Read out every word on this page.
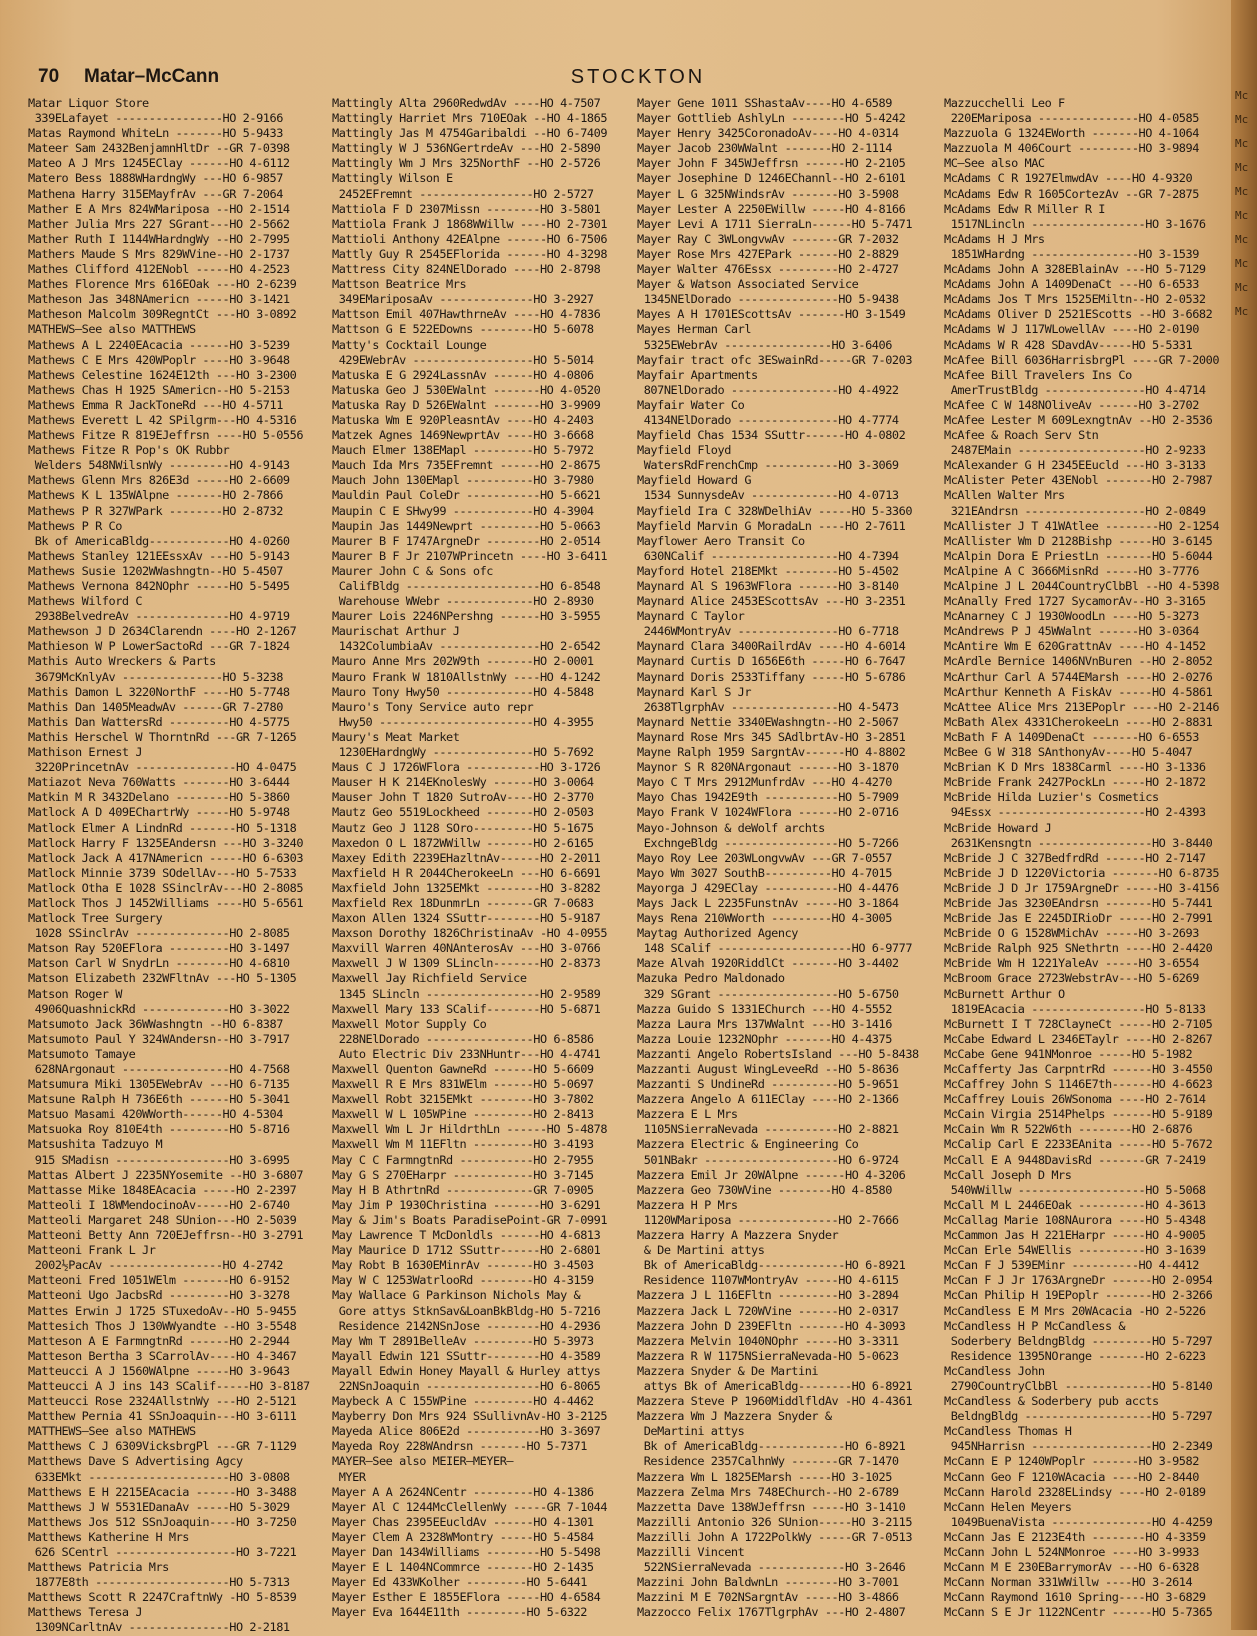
70 Matar–McCann	STOCKTON
Matar Liquor Store
339ELafayet ----------------HO 2-9166
Matas Raymond WhiteLn -------HO 5-9433
Mateer Sam 2432BenjamnHltDr --GR 7-0398
Mateo A J Mrs 1245EClay ------HO 4-6112
Matero Bess 1888WHardngWy ---HO 6-9857
Mathena Harry 315EMayfrAv ---GR 7-2064
Mather E A Mrs 824WMariposa --HO 2-1514
Mather Julia Mrs 227 SGrant---HO 2-5662
Mather Ruth I 1144WHardngWy --HO 2-7995
Mathers Maude S Mrs 829WVine--HO 2-1737
Mathes Clifford 412ENobl -----HO 4-2523
Mathes Florence Mrs 616EOak ---HO 2-6239
Matheson Jas 348NAmericn -----HO 3-1421
Matheson Malcolm 309RegntCt ---HO 3-0892
MATHEWS—See also MATTHEWS
Mathews A L 2240EAcacia ------HO 3-5239
Mathews C E Mrs 420WPoplr ----HO 3-9648
Mathews Celestine 1624E12th ---HO 3-2300
Mathews Chas H 1925 SAmericn--HO 5-2153
Mathews Emma R JackToneRd ---HO 4-5711
Mathews Everett L 42 SPilgrm---HO 4-5316
Mathews Fitze R 819EJeffrsn ----HO 5-0556
Mathews Fitze R Pop's OK Rubbr
Welders 548NWilsnWy ---------HO 4-9143
Mathews Glenn Mrs 826E3d -----HO 2-6609
Mathews K L 135WAlpne -------HO 2-7866
Mathews P R 327WPark --------HO 2-8732
Mathews P R Co
Bk of AmericaBldg------------HO 4-0260
Mathews Stanley 121EEssxAv ---HO 5-9143
Mathews Susie 1202WWashngtn--HO 5-4507
Mathews Vernona 842NOphr -----HO 5-5495
Mathews Wilford C
2938BelvedreAv --------------HO 4-9719
Mathewson J D 2634Clarendn ----HO 2-1267
Mathieson W P LowerSactoRd ---GR 7-1824
Mathis Auto Wreckers & Parts
3679McKnlyAv ---------------HO 5-3238
Mathis Damon L 3220NorthF ----HO 5-7748
Mathis Dan 1405MeadwAv ------GR 7-2780
Mathis Dan WattersRd ---------HO 4-5775
Mathis Herschel W ThorntnRd ---GR 7-1265
Mathison Ernest J
3220PrincetnAv ---------------HO 4-0475
Matiazot Neva 760Watts -------HO 3-6444
Matkin M R 3432Delano --------HO 5-3860
Matlock A D 409EChartrWy -----HO 5-9748
Matlock Elmer A LindnRd -------HO 5-1318
Matlock Harry F 1325EAndersn ---HO 3-3240
Matlock Jack A 417NAmericn -----HO 6-6303
Matlock Minnie 3739 SOdellAv---HO 5-7533
Matlock Otha E 1028 SSinclrAv---HO 2-8085
Matlock Thos J 1452Williams ----HO 5-6561
Matlock Tree Surgery
1028 SSinclrAv --------------HO 2-8085
Matson Ray 520EFlora ---------HO 3-1497
Matson Carl W SnydrLn --------HO 4-6810
Matson Elizabeth 232WFltnAv ---HO 5-1305
Matson Roger W
4906QuashnickRd -------------HO 3-3022
Matsumoto Jack 36WWashngtn --HO 6-8387
Matsumoto Paul Y 324WAndersn--HO 3-7917
Matsumoto Tamaye
628NArgonaut ----------------HO 4-7568
Matsumura Miki 1305EWebrAv ---HO 6-7135
Matsune Ralph H 736E6th ------HO 5-3041
Matsuo Masami 420WWorth------HO 4-5304
Matsuoka Roy 810E4th ---------HO 5-8716
Matsushita Tadzuyo M
915 SMadisn -----------------HO 3-6995
Mattas Albert J 2235NYosemite --HO 3-6807
Mattasse Mike 1848EAcacia -----HO 2-2397
Matteoli I 18WMendocinoAv-----HO 2-6740
Matteoli Margaret 248 SUnion---HO 2-5039
Matteoni Betty Ann 720EJeffrsn--HO 3-2791
Matteoni Frank L Jr
2002½PacAv -----------------HO 4-2742
Matteoni Fred 1051WElm -------HO 6-9152
Matteoni Ugo JacbsRd ---------HO 3-3278
Mattes Erwin J 1725 STuxedoAv--HO 5-9455
Mattesich Thos J 130WWyandte --HO 3-5548
Matteson A E FarmngtnRd ------HO 2-2944
Matteson Bertha 3 SCarrolAv----HO 4-3467
Matteucci A J 1560WAlpne -----HO 3-9643
Matteucci A J ins 143 SCalif-----HO 3-8187
Matteucci Rose 2324AllstnWy ---HO 2-5121
Matthew Pernia 41 SSnJoaquin---HO 3-6111
MATTHEWS—See also MATHEWS
Matthews C J 6309VicksbrgPl ---GR 7-1129
Matthews Dave S Advertising Agcy
633EMkt ---------------------HO 3-0808
Matthews E H 2215EAcacia ------HO 3-3488
Matthews J W 5531EDanaAv -----HO 5-3029
Matthews Jos 512 SSnJoaquin----HO 3-7250
Matthews Katherine H Mrs
626 SCentrl ------------------HO 3-7221
Matthews Patricia Mrs
1877E8th --------------------HO 5-7313
Matthews Scott R 2247CraftnWy -HO 5-8539
Matthews Teresa J
1309NCarltnAv ---------------HO 2-2181
Mattingly Alta 2960RedwdAv ----HO 4-7507
Mattingly Harriet Mrs 710EOak --HO 4-1865
Mattingly Jas M 4754Garibaldi --HO 6-7409
Mattingly W J 536NGertrdeAv ---HO 2-5890
Mattingly Wm J Mrs 325NorthF --HO 2-5726
Mattingly Wilson E
2452EFremnt -----------------HO 2-5727
Mattiola F D 2307Missn --------HO 3-5801
Mattiola Frank J 1868WWillw ----HO 2-7301
Mattioli Anthony 42EAlpne ------HO 6-7506
Mattly Guy R 2545EFlorida ------HO 4-3298
Mattress City 824NElDorado ----HO 2-8798
Mattson Beatrice Mrs
349EMariposaAv --------------HO 3-2927
Mattson Emil 407HawthrneAv ----HO 4-7836
Mattson G E 522EDowns --------HO 5-6078
Matty's Cocktail Lounge
429EWebrAv ------------------HO 5-5014
Matuska E G 2924LassnAv ------HO 4-0806
Matuska Geo J 530EWalnt -------HO 4-0520
Matuska Ray D 526EWalnt -------HO 3-9909
Matuska Wm E 920PleasntAv ----HO 4-2403
Matzek Agnes 1469NewprtAv ----HO 3-6668
Mauch Elmer 138EMapl ---------HO 5-7972
Mauch Ida Mrs 735EFremnt ------HO 2-8675
Mauch John 130EMapl ----------HO 3-7980
Mauldin Paul ColeDr -----------HO 5-6621
Maupin C E SHwy99 ------------HO 4-3904
Maupin Jas 1449Newprt ---------HO 5-0663
Maurer B F 1747ArgneDr --------HO 2-0514
Maurer B F Jr 2107WPrincetn ----HO 3-6411
Maurer John C & Sons ofc
CalifBldg --------------------HO 6-8548
Warehouse WWebr -------------HO 2-8930
Maurer Lois 2246NPershng ------HO 3-5955
Maurischat Arthur J
1432ColumbiaAv ---------------HO 2-6542
Mauro Anne Mrs 202W9th -------HO 2-0001
Mauro Frank W 1810AllstnWy ----HO 4-1242
Mauro Tony Hwy50 -------------HO 4-5848
Mauro's Tony Service auto repr
Hwy50 -----------------------HO 4-3955
Maury's Meat Market
1230EHardngWy ---------------HO 5-7692
Maus C J 1726WFlora -----------HO 3-1726
Mauser H K 214EKnolesWy ------HO 3-0064
Mauser John T 1820 SutroAv----HO 2-3770
Mautz Geo 5519Lockheed -------HO 2-0503
Mautz Geo J 1128 SOro---------HO 5-1675
Maxedon O L 1872WWillw -------HO 2-6165
Maxey Edith 2239EHazltnAv------HO 2-2011
Maxfield H R 2044CherokeeLn ---HO 6-6691
Maxfield John 1325EMkt --------HO 3-8282
Maxfield Rex 18DunmrLn -------GR 7-0683
Maxon Allen 1324 SSuttr--------HO 5-9187
Maxson Dorothy 1826ChristinaAv -HO 4-0955
Maxvill Warren 40NAnterosAv ---HO 3-0766
Maxwell J W 1309 SLincln-------HO 2-8373
Maxwell Jay Richfield Service
1345 SLincln -----------------HO 2-9589
Maxwell Mary 133 SCalif--------HO 5-6871
Maxwell Motor Supply Co
228NElDorado ----------------HO 6-8586
Auto Electric Div 233NHuntr---HO 4-4741
Maxwell Quenton GawneRd ------HO 5-6609
Maxwell R E Mrs 831WElm ------HO 5-0697
Maxwell Robt 3215EMkt --------HO 3-7802
Maxwell W L 105WPine ---------HO 2-8413
Maxwell Wm L Jr HildrthLn ------HO 5-4878
Maxwell Wm M 11EFltn ---------HO 3-4193
May C C FarmngtnRd -----------HO 2-7955
May G S 270EHarpr ------------HO 3-7145
May H B AthrtnRd -------------GR 7-0905
May Jim P 1930Christina -------HO 3-6291
May & Jim's Boats ParadisePoint-GR 7-0991
May Lawrence T McDonldls ------HO 4-6813
May Maurice D 1712 SSuttr------HO 2-6801
May Robt B 1630EMinrAv -------HO 3-4503
May W C 1253WatrlooRd --------HO 4-3159
May Wallace G Parkinson Nichols May &
Gore attys StknSav&LoanBkBldg-HO 5-7216
Residence 2142NSnJose --------HO 4-2936
May Wm T 2891BelleAv ---------HO 5-3973
Mayall Edwin 121 SSuttr--------HO 4-3589
Mayall Edwin Honey Mayall & Hurley attys
22NSnJoaquin -----------------HO 6-8065
Maybeck A C 155WPine ---------HO 4-4462
Mayberry Don Mrs 924 SSullivnAv-HO 3-2125
Mayeda Alice 806E2d -----------HO 3-3697
Mayeda Roy 228WAndrsn -------HO 5-7371
MAYER—See also MEIER—MEYER—
MYER
Mayer A A 2624NCentr ---------HO 4-1386
Mayer Al C 1244McClellenWy -----GR 7-1044
Mayer Chas 2395EEucldAv ------HO 4-1301
Mayer Clem A 2328WMontry -----HO 5-4584
Mayer Dan 1434Williams --------HO 5-5498
Mayer E L 1404NCommrce -------HO 2-1435
Mayer Ed 433WKolher ---------HO 5-6441
Mayer Esther E 1855EFlora -----HO 4-6584
Mayer Eva 1644E11th ---------HO 5-6322
Mayer Gene 1011 SShastaAv----HO 4-6589
Mayer Gottlieb AshlyLn --------HO 5-4242
Mayer Henry 3425CoronadoAv----HO 4-0314
Mayer Jacob 230WWalnt -------HO 2-1114
Mayer John F 345WJeffrsn ------HO 2-2105
Mayer Josephine D 1246EChannl--HO 2-6101
Mayer L G 325NWindsrAv -------HO 3-5908
Mayer Lester A 2250EWillw -----HO 4-8166
Mayer Levi A 1711 SierraLn------HO 5-7471
Mayer Ray C 3WLongvwAv -------GR 7-2032
Mayer Rose Mrs 427EPark ------HO 2-8829
Mayer Walter 476Essx ---------HO 2-4727
Mayer & Watson Associated Service
1345NElDorado ---------------HO 5-9438
Mayes A H 1701EScottsAv -------HO 3-1549
Mayes Herman Carl
5325EWebrAv ----------------HO 3-6406
Mayfair tract ofc 3ESwainRd-----GR 7-0203
Mayfair Apartments
807NElDorado ----------------HO 4-4922
Mayfair Water Co
4134NElDorado ---------------HO 4-7774
Mayfield Chas 1534 SSuttr------HO 4-0802
Mayfield Floyd
WatersRdFrenchCmp -----------HO 3-3069
Mayfield Howard G
1534 SunnysdeAv -------------HO 4-0713
Mayfield Ira C 328WDelhiAv -----HO 5-3360
Mayfield Marvin G MoradaLn ----HO 2-7611
Mayflower Aero Transit Co
630NCalif -------------------HO 4-7394
Mayford Hotel 218EMkt --------HO 5-4502
Maynard Al S 1963WFlora ------HO 3-8140
Maynard Alice 2453EScottsAv ---HO 3-2351
Maynard C Taylor
2446WMontryAv ---------------HO 6-7718
Maynard Clara 3400RailrdAv ----HO 4-6014
Maynard Curtis D 1656E6th -----HO 6-7647
Maynard Doris 2533Tiffany -----HO 5-6786
Maynard Karl S Jr
2638TlgrphAv ----------------HO 4-5473
Maynard Nettie 3340EWashngtn--HO 2-5067
Maynard Rose Mrs 345 SAdlbrtAv-HO 3-2851
Mayne Ralph 1959 SargntAv------HO 4-8802
Maynor S R 820NArgonaut ------HO 3-1870
Mayo C T Mrs 2912MunfrdAv ---HO 4-4270
Mayo Chas 1942E9th -----------HO 5-7909
Mayo Frank V 1024WFlora ------HO 2-0716
Mayo-Johnson & deWolf archts
ExchngeBldg -----------------HO 5-7266
Mayo Roy Lee 203WLongvwAv ---GR 7-0557
Mayo Wm 3027 SouthB----------HO 4-7015
Mayorga J 429EClay -----------HO 4-4476
Mays Jack L 2235FunstnAv -----HO 3-1864
Mays Rena 210WWorth ---------HO 4-3005
Maytag Authorized Agency
148 SCalif --------------------HO 6-9777
Maze Alvah 1920RiddlCt -------HO 3-4402
Mazuka Pedro Maldonado
329 SGrant ------------------HO 5-6750
Mazza Guido S 1331EChurch ---HO 4-5552
Mazza Laura Mrs 137WWalnt ---HO 3-1416
Mazza Louie 1232NOphr -------HO 4-4375
Mazzanti Angelo RobertsIsland ---HO 5-8438
Mazzanti August WingLeveeRd --HO 5-8636
Mazzanti S UndineRd ----------HO 5-9651
Mazzera Angelo A 611EClay ----HO 2-1366
Mazzera E L Mrs
1105NSierraNevada -----------HO 2-8821
Mazzera Electric & Engineering Co
501NBakr --------------------HO 6-9724
Mazzera Emil Jr 20WAlpne ------HO 4-3206
Mazzera Geo 730WVine --------HO 4-8580
Mazzera H P Mrs
1120WMariposa ---------------HO 2-7666
Mazzera Harry A Mazzera Snyder
& De Martini attys
Bk of AmericaBldg-------------HO 6-8921
Residence 1107WMontryAv -----HO 4-6115
Mazzera J L 116EFltn ---------HO 3-2894
Mazzera Jack L 720WVine ------HO 2-0317
Mazzera John D 239EFltn -------HO 4-3093
Mazzera Melvin 1040NOphr -----HO 3-3311
Mazzera R W 1175NSierraNevada-HO 5-0623
Mazzera Snyder & De Martini
attys Bk of AmericaBldg--------HO 6-8921
Mazzera Steve P 1960MiddlfldAv -HO 4-4361
Mazzera Wm J Mazzera Snyder &
DeMartini attys
Bk of AmericaBldg-------------HO 6-8921
Residence 2357CalhnWy -------GR 7-1470
Mazzera Wm L 1825EMarsh -----HO 3-1025
Mazzera Zelma Mrs 748EChurch--HO 2-6789
Mazzetta Dave 138WJeffrsn -----HO 3-1410
Mazzilli Antonio 326 SUnion-----HO 3-2115
Mazzilli John A 1722PolkWy -----GR 7-0513
Mazzilli Vincent
522NSierraNevada -------------HO 3-2646
Mazzini John BaldwnLn --------HO 3-7001
Mazzini M E 702NSargntAv -----HO 3-4866
Mazzocco Felix 1767TlgrphAv ---HO 2-4807
Mazzucchelli Leo F
220EMariposa ---------------HO 4-0585
Mazzuola G 1324EWorth -------HO 4-1064
Mazzuola M 406Court ---------HO 3-9894
MC—See also MAC
McAdams C R 1927ElmwdAv ----HO 4-9320
McAdams Edw R 1605CortezAv --GR 7-2875
McAdams Edw R Miller R I
1517NLincln -----------------HO 3-1676
McAdams H J Mrs
1851WHardng ----------------HO 3-1539
McAdams John A 328EBlainAv ---HO 5-7129
McAdams John A 1409DenaCt ---HO 6-6533
McAdams Jos T Mrs 1525EMiltn--HO 2-0532
McAdams Oliver D 2521EScotts --HO 3-6682
McAdams W J 117WLowellAv ----HO 2-0190
McAdams W R 428 SDavdAv-----HO 5-5331
McAfee Bill 6036HarrisbrgPl ----GR 7-2000
McAfee Bill Travelers Ins Co
AmerTrustBldg ---------------HO 4-4714
McAfee C W 148NOliveAv ------HO 3-2702
McAfee Lester M 609LexngtnAv --HO 2-3536
McAfee & Roach Serv Stn
2487EMain -------------------HO 2-9233
McAlexander G H 2345EEucld ---HO 3-3133
McAlister Peter 43ENobl -------HO 2-7987
McAllen Walter Mrs
321EAndrsn ------------------HO 2-0849
McAllister J T 41WAtlee --------HO 2-1254
McAllister Wm D 2128Bishp -----HO 3-6145
McAlpin Dora E PriestLn -------HO 5-6044
McAlpine A C 3666MisnRd -----HO 3-7776
McAlpine J L 2044CountryClbBl --HO 4-5398
McAnally Fred 1727 SycamorAv--HO 3-3165
McAnarney C J 1930WoodLn ----HO 5-3273
McAndrews P J 45WWalnt ------HO 3-0364
McAntire Wm E 620GrattnAv ----HO 4-1452
McArdle Bernice 1406NVnBuren --HO 2-8052
McArthur Carl A 5744EMarsh ----HO 2-0276
McArthur Kenneth A FiskAv -----HO 4-5861
McAttee Alice Mrs 213EPoplr ----HO 2-2146
McBath Alex 4331CherokeeLn ----HO 2-8831
McBath F A 1409DenaCt -------HO 6-6553
McBee G W 318 SAnthonyAv----HO 5-4047
McBrian K D Mrs 1838Carml ----HO 3-1336
McBride Frank 2427PockLn -----HO 2-1872
McBride Hilda Luzier's Cosmetics
94Essx ----------------------HO 2-4393
McBride Howard J
2631Kensngtn -----------------HO 3-8440
McBride J C 327BedfrdRd ------HO 2-7147
McBride J D 1220Victoria -------HO 6-8735
McBride J D Jr 1759ArgneDr -----HO 3-4156
McBride Jas 3230EAndrsn -------HO 5-7441
McBride Jas E 2245DIRioDr -----HO 2-7991
McBride O G 1528WMichAv -----HO 3-2693
McBride Ralph 925 SNethrtn ----HO 2-4420
McBride Wm H 1221YaleAv -----HO 3-6554
McBroom Grace 2723WebstrAv---HO 5-6269
McBurnett Arthur O
1819EAcacia -----------------HO 5-8133
McBurnett I T 728ClayneCt -----HO 2-7105
McCabe Edward L 2346ETaylr ----HO 2-8267
McCabe Gene 941NMonroe -----HO 5-1982
McCafferty Jas CarpntrRd ------HO 3-4550
McCaffrey John S 1146E7th------HO 4-6623
McCaffrey Louis 26WSonoma ----HO 2-7614
McCain Virgia 2514Phelps ------HO 5-9189
McCain Wm R 522W6th --------HO 2-6876
McCalip Carl E 2233EAnita -----HO 5-7672
McCall E A 9448DavisRd -------GR 7-2419
McCall Joseph D Mrs
540WWillw -------------------HO 5-5068
McCall M L 2446EOak ----------HO 4-3613
McCallag Marie 108NAurora ----HO 5-4348
McCammon Jas H 221EHarpr -----HO 4-9005
McCan Erle 54WEllis ----------HO 3-1639
McCan F J 539EMinr ----------HO 4-4412
McCan F J Jr 1763ArgneDr ------HO 2-0954
McCan Philip H 19EPoplr -------HO 2-3266
McCandless E M Mrs 20WAcacia -HO 2-5226
McCandless H P McCandless &
Soderbery BeldngBldg ---------HO 5-7297
Residence 1395NOrange -------HO 2-6223
McCandless John
2790CountryClbBl -------------HO 5-8140
McCandless & Soderbery pub accts
BeldngBldg -------------------HO 5-7297
McCandless Thomas H
945NHarrisn ------------------HO 2-2349
McCann E P 1240WPoplr -------HO 3-9582
McCann Geo F 1210WAcacia ----HO 2-8440
McCann Harold 2328ELindsy ----HO 2-0189
McCann Helen Meyers
1049BuenaVista ---------------HO 4-4259
McCann Jas E 2123E4th --------HO 4-3359
McCann John L 524NMonroe ----HO 3-9933
McCann M E 230EBarrymorAv ---HO 6-6328
McCann Norman 331WWillw ----HO 3-2614
McCann Raymond 1610 Spring----HO 3-6829
McCann S E Jr 1122NCentr ------HO 5-7365
Mc Mc Mc Mc Mc Mc Mc Mc Mc Mc
